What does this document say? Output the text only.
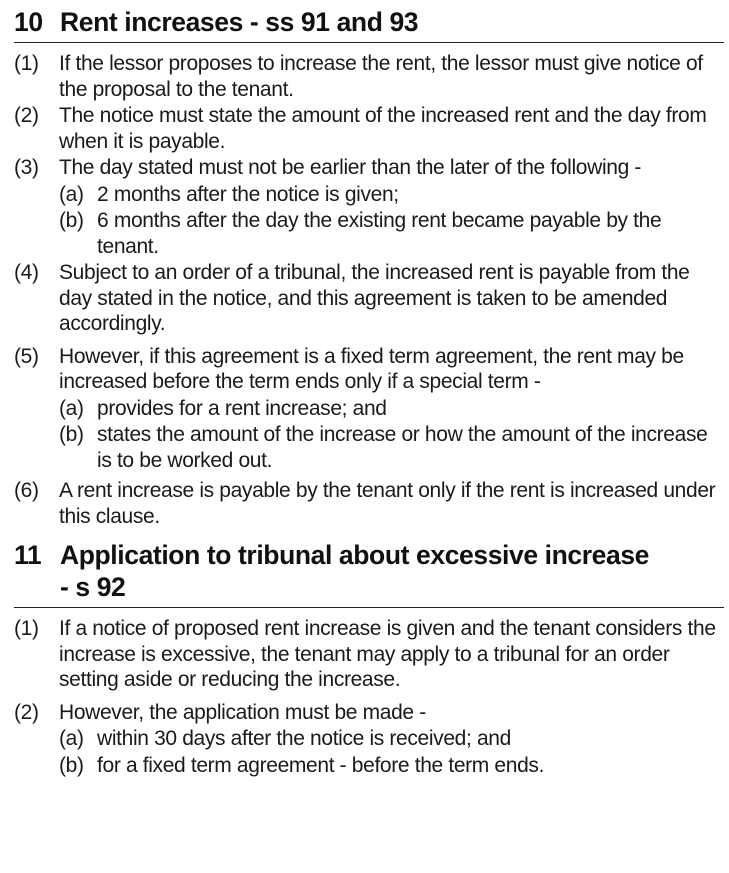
10 Rent increases - ss 91 and 93
(1) If the lessor proposes to increase the rent, the lessor must give notice of the proposal to the tenant.
(2) The notice must state the amount of the increased rent and the day from when it is payable.
(3) The day stated must not be earlier than the later of the following -
(a) 2 months after the notice is given;
(b) 6 months after the day the existing rent became payable by the tenant.
(4) Subject to an order of a tribunal, the increased rent is payable from the day stated in the notice, and this agreement is taken to be amended accordingly.
(5) However, if this agreement is a fixed term agreement, the rent may be increased before the term ends only if a special term -
(a) provides for a rent increase; and
(b) states the amount of the increase or how the amount of the increase is to be worked out.
(6) A rent increase is payable by the tenant only if the rent is increased under this clause.
11 Application to tribunal about excessive increase
- s 92
(1) If a notice of proposed rent increase is given and the tenant considers the increase is excessive, the tenant may apply to a tribunal for an order setting aside or reducing the increase.
(2) However, the application must be made -
(a) within 30 days after the notice is received; and
(b) for a fixed term agreement - before the term ends.
